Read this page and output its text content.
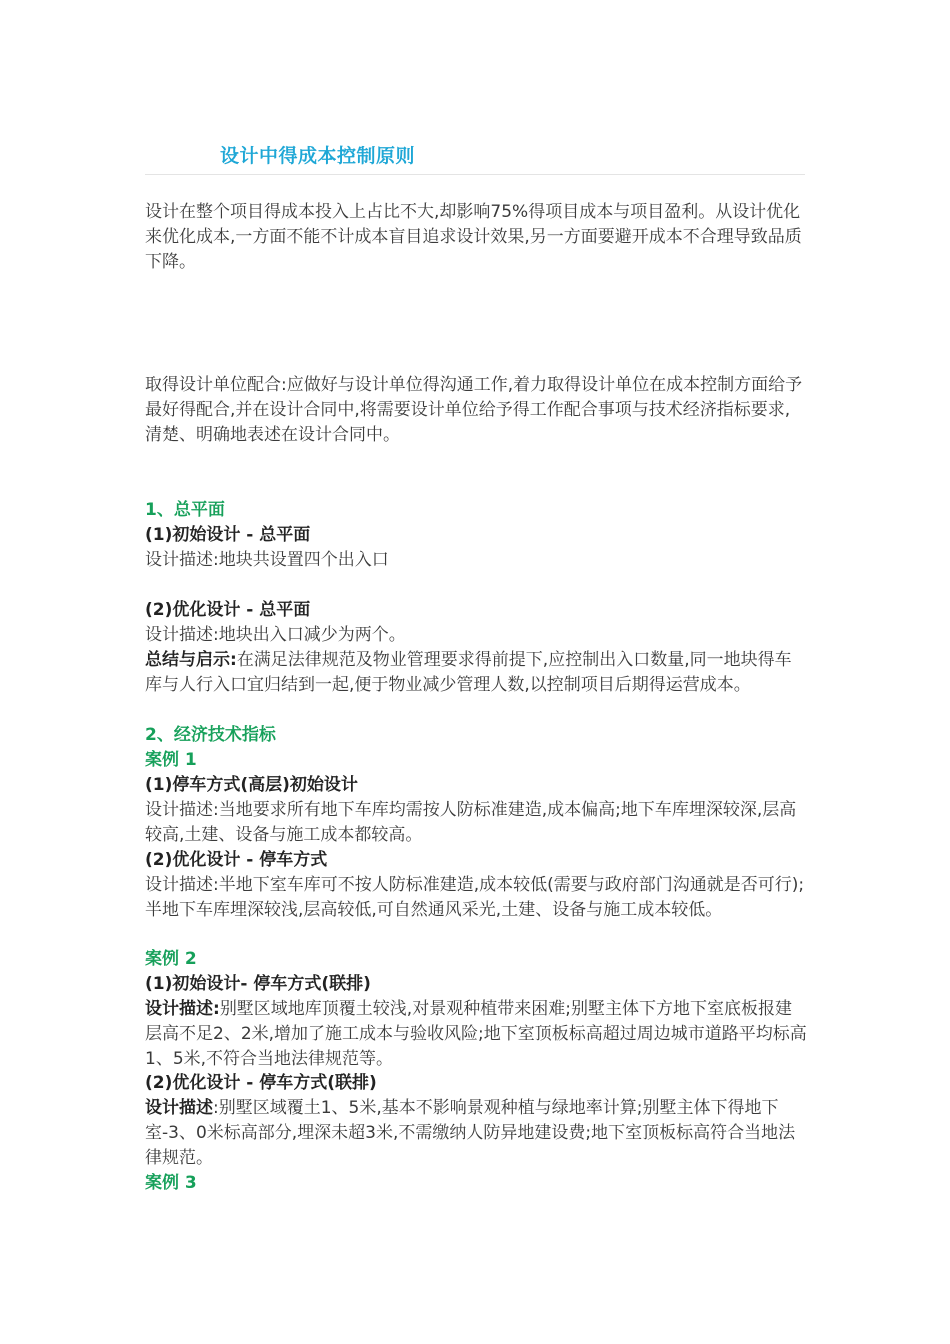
设计中得成本控制原则
设计在整个项目得成本投入上占比不大,却影响75%得项目成本与项目盈利。从设计优化来优化成本,一方面不能不计成本盲目追求设计效果,另一方面要避开成本不合理导致品质下降。
取得设计单位配合:应做好与设计单位得沟通工作,着力取得设计单位在成本控制方面给予最好得配合,并在设计合同中,将需要设计单位给予得工作配合事项与技术经济指标要求,清楚、明确地表述在设计合同中。
1、总平面
(1)初始设计 - 总平面
设计描述:地块共设置四个出入口
(2)优化设计 - 总平面
设计描述:地块出入口减少为两个。
总结与启示:在满足法律规范及物业管理要求得前提下,应控制出入口数量,同一地块得车库与人行入口宜归结到一起,便于物业减少管理人数,以控制项目后期得运营成本。
2、经济技术指标
案例 1
(1)停车方式(高层)初始设计
设计描述:当地要求所有地下车库均需按人防标准建造,成本偏高;地下车库埋深较深,层高较高,土建、设备与施工成本都较高。
(2)优化设计 - 停车方式
设计描述:半地下室车库可不按人防标准建造,成本较低(需要与政府部门沟通就是否可行);半地下车库埋深较浅,层高较低,可自然通风采光,土建、设备与施工成本较低。
案例 2
(1)初始设计- 停车方式(联排)
设计描述:别墅区域地库顶覆土较浅,对景观种植带来困难;别墅主体下方地下室底板报建层高不足2、2米,增加了施工成本与验收风险;地下室顶板标高超过周边城市道路平均标高1、5米,不符合当地法律规范等。
(2)优化设计 - 停车方式(联排)
设计描述:别墅区域覆土1、5米,基本不影响景观种植与绿地率计算;别墅主体下得地下室-3、0米标高部分,埋深未超3米,不需缴纳人防异地建设费;地下室顶板标高符合当地法律规范。
案例 3
